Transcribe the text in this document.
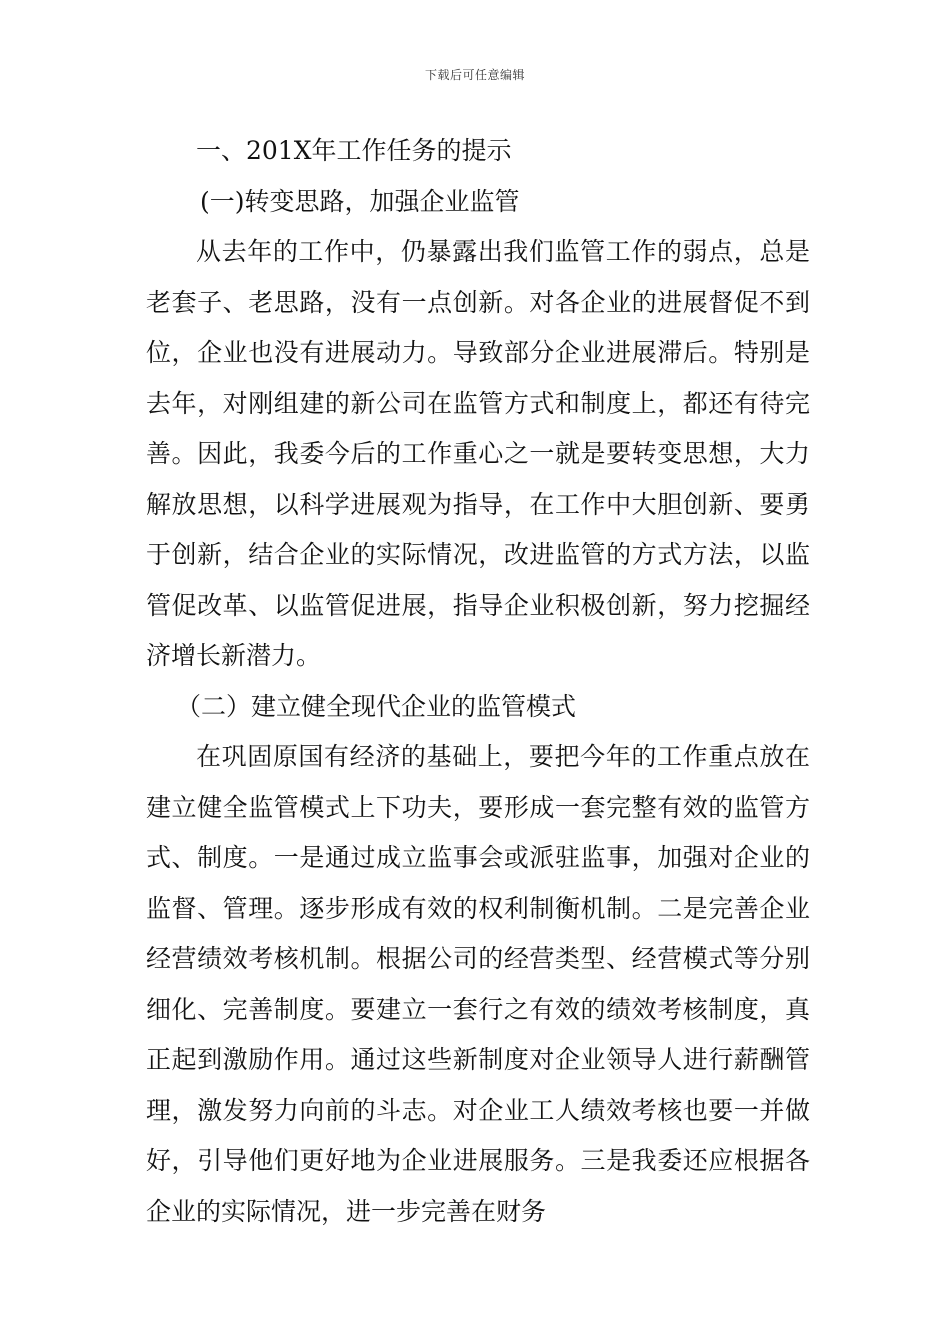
下载后可任意编辑

一、201X年工作任务的提示

(一)转变思路，加强企业监管

从去年的工作中，仍暴露出我们监管工作的弱点，总是老套子、老思路，没有一点创新。对各企业的进展督促不到位，企业也没有进展动力。导致部分企业进展滞后。特别是去年，对刚组建的新公司在监管方式和制度上，都还有待完善。因此，我委今后的工作重心之一就是要转变思想，大力解放思想，以科学进展观为指导，在工作中大胆创新、要勇于创新，结合企业的实际情况，改进监管的方式方法，以监管促改革、以监管促进展，指导企业积极创新，努力挖掘经济增长新潜力。

（二）建立健全现代企业的监管模式

在巩固原国有经济的基础上，要把今年的工作重点放在建立健全监管模式上下功夫，要形成一套完整有效的监管方式、制度。一是通过成立监事会或派驻监事，加强对企业的监督、管理。逐步形成有效的权利制衡机制。二是完善企业经营绩效考核机制。根据公司的经营类型、经营模式等分别细化、完善制度。要建立一套行之有效的绩效考核制度，真正起到激励作用。通过这些新制度对企业领导人进行薪酬管理，激发努力向前的斗志。对企业工人绩效考核也要一并做好，引导他们更好地为企业进展服务。三是我委还应根据各企业的实际情况，进一步完善在财务
